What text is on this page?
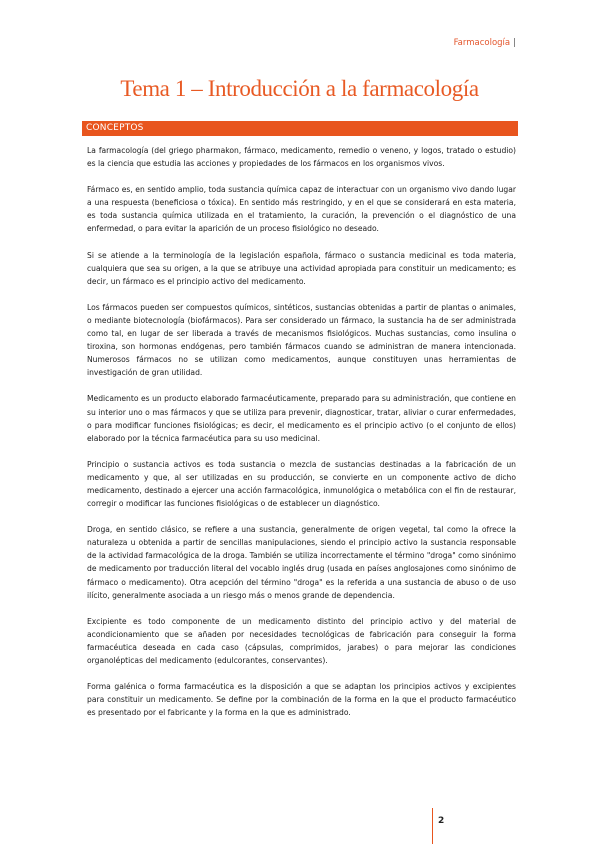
Farmacología |
Tema 1 – Introducción a la farmacología
CONCEPTOS

La farmacología (del griego pharmakon, fármaco, medicamento, remedio o veneno, y logos, tratado o estudio) es la ciencia que estudia las acciones y propiedades de los fármacos en los organismos vivos.

Fármaco es, en sentido amplio, toda sustancia química capaz de interactuar con un organismo vivo dando lugar a una respuesta (beneficiosa o tóxica). En sentido más restringido, y en el que se considerará en esta materia, es toda sustancia química utilizada en el tratamiento, la curación, la prevención o el diagnóstico de una enfermedad, o para evitar la aparición de un proceso fisiológico no deseado.

Si se atiende a la terminología de la legislación española, fármaco o sustancia medicinal es toda materia, cualquiera que sea su origen, a la que se atribuye una actividad apropiada para constituir un medicamento; es decir, un fármaco es el principio activo del medicamento.

Los fármacos pueden ser compuestos químicos, sintéticos, sustancias obtenidas a partir de plantas o animales, o mediante biotecnología (biofármacos). Para ser considerado un fármaco, la sustancia ha de ser administrada como tal, en lugar de ser liberada a través de mecanismos fisiológicos. Muchas sustancias, como insulina o tiroxina, son hormonas endógenas, pero también fármacos cuando se administran de manera intencionada. Numerosos fármacos no se utilizan como medicamentos, aunque constituyen unas herramientas de investigación de gran utilidad.

Medicamento es un producto elaborado farmacéuticamente, preparado para su administración, que contiene en su interior uno o mas fármacos y que se utiliza para prevenir, diagnosticar, tratar, aliviar o curar enfermedades, o para modificar funciones fisiológicas; es decir, el medicamento es el principio activo (o el conjunto de ellos) elaborado por la técnica farmacéutica para su uso medicinal.

Principio o sustancia activos es toda sustancia o mezcla de sustancias destinadas a la fabricación de un medicamento y que, al ser utilizadas en su producción, se convierte en un componente activo de dicho medicamento, destinado a ejercer una acción farmacológica, inmunológica o metabólica con el fin de restaurar, corregir o modificar las funciones fisiológicas o de establecer un diagnóstico.

Droga, en sentido clásico, se refiere a una sustancia, generalmente de origen vegetal, tal como la ofrece la naturaleza u obtenida a partir de sencillas manipulaciones, siendo el principio activo la sustancia responsable de la actividad farmacológica de la droga. También se utiliza incorrectamente el término "droga" como sinónimo de medicamento por traducción literal del vocablo inglés drug (usada en países anglosajones como sinónimo de fármaco o medicamento). Otra acepción del término "droga" es la referida a una sustancia de abuso o de uso ilícito, generalmente asociada a un riesgo más o menos grande de dependencia.

Excipiente es todo componente de un medicamento distinto del principio activo y del material de acondicionamiento que se añaden por necesidades tecnológicas de fabricación para conseguir la forma farmacéutica deseada en cada caso (cápsulas, comprimidos, jarabes) o para mejorar las condiciones organolépticas del medicamento (edulcorantes, conservantes).

Forma galénica o forma farmacéutica es la disposición a que se adaptan los principios activos y excipientes para constituir un medicamento. Se define por la combinación de la forma en la que el producto farmacéutico es presentado por el fabricante y la forma en la que es administrado.

2
